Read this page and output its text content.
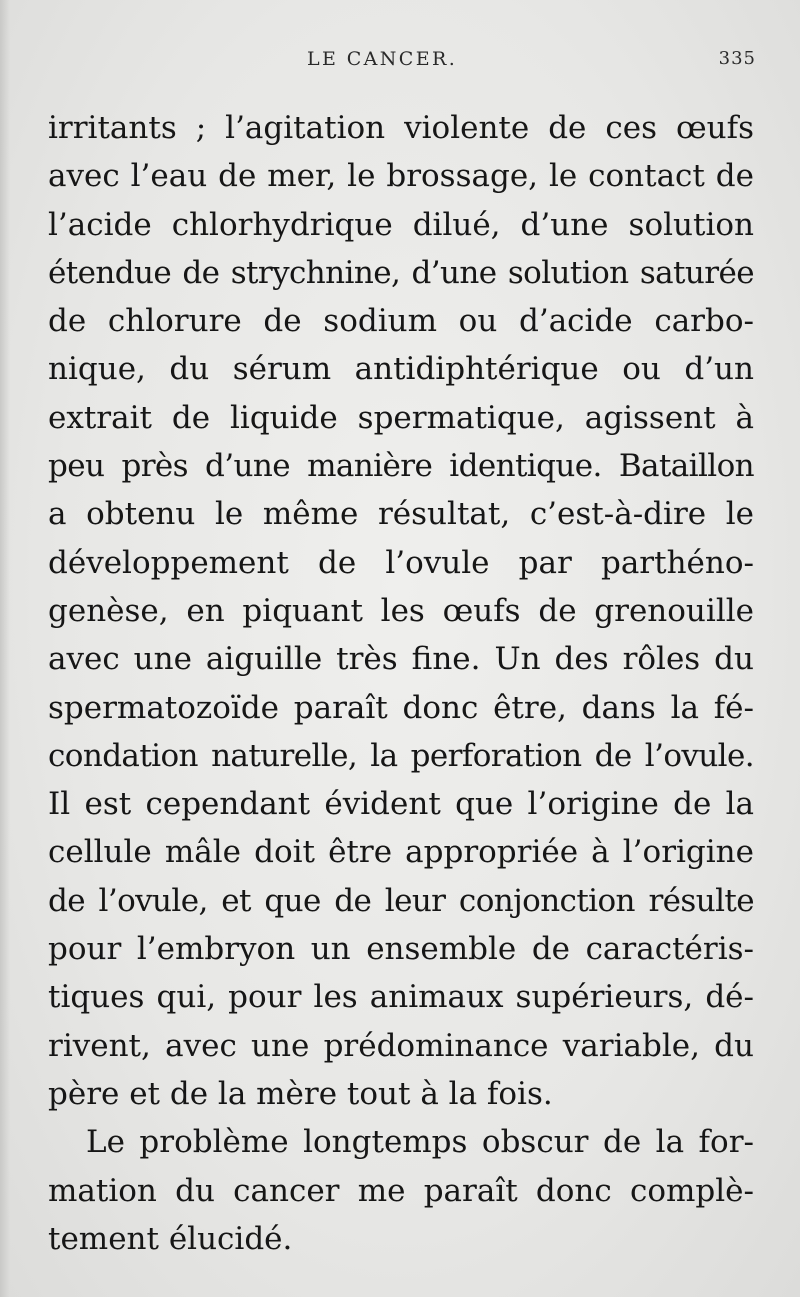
LE CANCER.	335
irritants ; l’agitation violente de ces œufs
avec l’eau de mer, le brossage, le contact de
l’acide chlorhydrique dilué, d’une solution
étendue de strychnine, d’une solution saturée
de chlorure de sodium ou d’acide carbo-
nique, du sérum antidiphtérique ou d’un
extrait de liquide spermatique, agissent à
peu près d’une manière identique. Bataillon
a obtenu le même résultat, c’est-à-dire le
développement de l’ovule par parthéno-
genèse, en piquant les œufs de grenouille
avec une aiguille très fine. Un des rôles du
spermatozoïde paraît donc être, dans la fé-
condation naturelle, la perforation de l’ovule.
Il est cependant évident que l’origine de la
cellule mâle doit être appropriée à l’origine
de l’ovule, et que de leur conjonction résulte
pour l’embryon un ensemble de caractéris-
tiques qui, pour les animaux supérieurs, dé-
rivent, avec une prédominance variable, du
père et de la mère tout à la fois.
Le problème longtemps obscur de la for-
mation du cancer me paraît donc complè-
tement élucidé.
